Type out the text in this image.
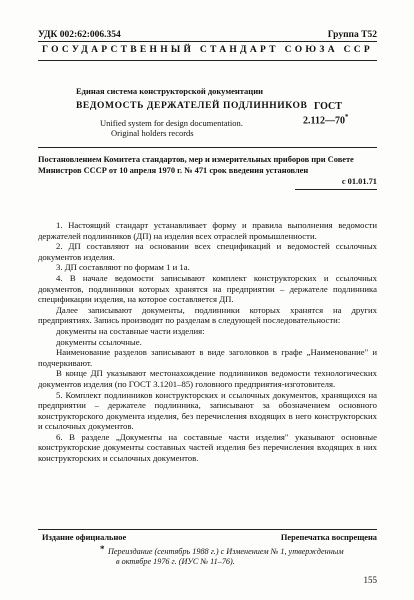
УДК 002:62:006.354	Группа Т52
ГОСУДАРСТВЕННЫЙ СТАНДАРТ СОЮЗА ССР
Единая система конструкторской документации
ВЕДОМОСТЬ ДЕРЖАТЕЛЕЙ ПОДЛИННИКОВ
Unified system for design documentation.
Original holders records
ГОСТ
2.112—70*
Постановлением Комитета стандартов, мер и измерительных приборов при Совете Министров СССР от 10 апреля 1970 г. № 471 срок введения установлен
с 01.01.71

1. Настоящий стандарт устанавливает форму и правила выполнения ведомости держателей подлинников (ДП) на изделия всех отраслей промышленности.

2. ДП составляют на основании всех спецификаций и ведомостей ссылочных документов изделия.

3. ДП составляют по формам 1 и 1а.

4. В начале ведомости записывают комплект конструкторских и ссылочных документов, подлинники которых хранятся на предприятии – держателе подлинника спецификации изделия, на которое составляется ДП.

Далее записывают документы, подлинники которых хранятся на других предприятиях. Запись производят по разделам в следующей последовательности:

документы на составные части изделия:

документы ссылочные.

Наименование разделов записывают в виде заголовков в графе „Наименование" и подчеркивают.

В конце ДП указывают местонахождение подлинников ведомости технологических документов изделия (по ГОСТ 3.1201–85) головного предприятия-изготовителя.

5. Комплект подлинников конструкторских и ссылочных документов, хранящихся на предприятии – держателе подлинника, записывают за обозначением основного конструкторского документа изделия, без перечисления входящих в него конструкторских и ссылочных документов.

6. В разделе „Документы на составные части изделия" указывают основные конструкторские документы составных частей изделия без перечисления входящих в них конструкторских и ссылочных документов.

Издание официальное	Перепечатка воспрещена
* Переиздание (сентябрь 1988 г.) с Изменением № 1, утвержденным
в октябре 1976 г. (ИУС № 11–76).
155
